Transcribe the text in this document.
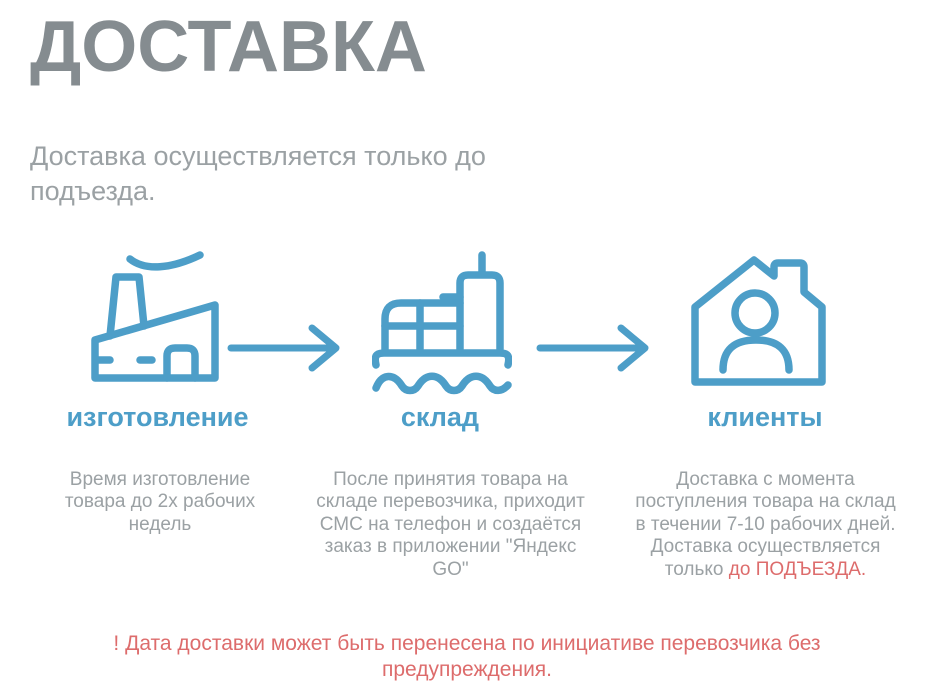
ДОСТАВКА

Доставка осуществляется только до подъезда.

изготовление	склад	клиенты

Время изготовление товара до 2х рабочих недель

После принятия товара на складе перевозчика, приходит СМС на телефон и создаётся заказ в приложении "Яндекс GO"

Доставка с момента поступления товара на склад в течении 7-10 рабочих дней. Доставка осуществляется только до ПОДЪЕЗДА.

! Дата доставки может быть перенесена по инициативе перевозчика без предупреждения.
